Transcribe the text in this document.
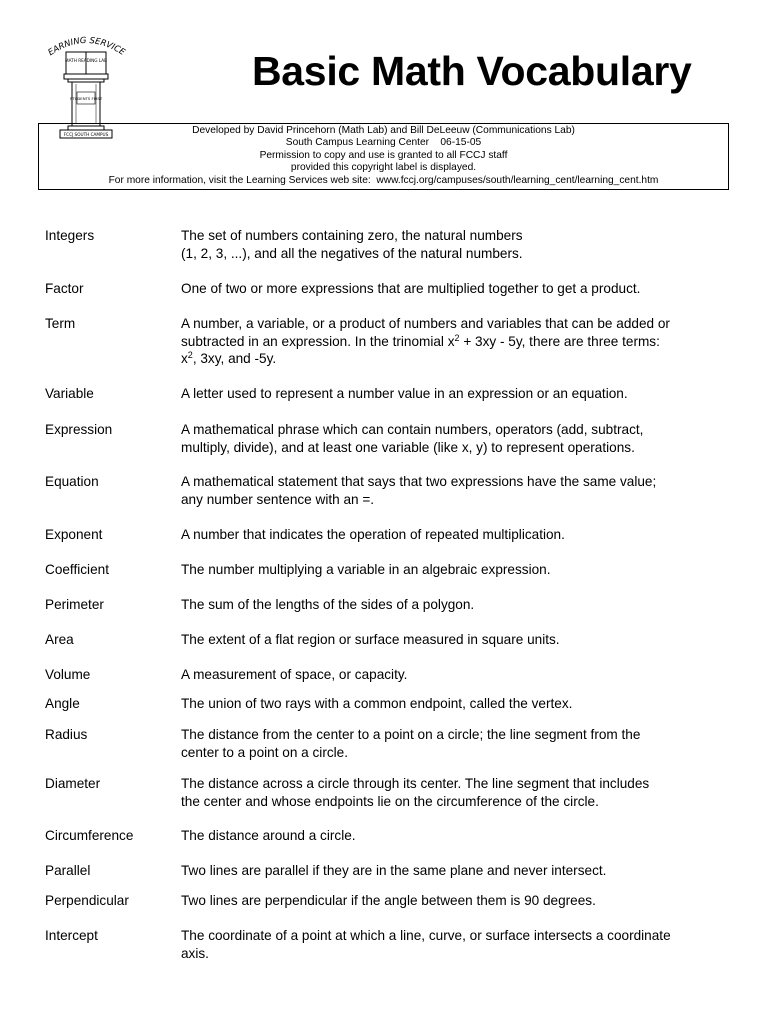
EARNING SERVICE
MATH READING LAB
STUDENTS FIRST
FCCJ SOUTH CAMPUS
Basic Math Vocabulary
Developed by David Princehorn (Math Lab) and Bill DeLeeuw (Communications Lab)
South Campus Learning Center    06-15-05
Permission to copy and use is granted to all FCCJ staff
provided this copyright label is displayed.
For more information, visit the Learning Services web site:  www.fccj.org/campuses/south/learning_cent/learning_cent.htm
Integers	The set of numbers containing zero, the natural numbers
(1, 2, 3, ...), and all the negatives of the natural numbers.
Factor	One of two or more expressions that are multiplied together to get a product.
Term	A number, a variable, or a product of numbers and variables that can be added or
subtracted in an expression. In the trinomial $x^2 + 3xy - 5y$, there are three terms:
$x^2$, 3xy, and -5y.
Variable	A letter used to represent a number value in an expression or an equation.
Expression	A mathematical phrase which can contain numbers, operators (add, subtract,
multiply, divide), and at least one variable (like x, y) to represent operations.
Equation	A mathematical statement that says that two expressions have the same value;
any number sentence with an =.
Exponent	A number that indicates the operation of repeated multiplication.
Coefficient	The number multiplying a variable in an algebraic expression.
Perimeter	The sum of the lengths of the sides of a polygon.
Area	The extent of a flat region or surface measured in square units.
Volume	A measurement of space, or capacity.
Angle	The union of two rays with a common endpoint, called the vertex.
Radius	The distance from the center to a point on a circle; the line segment from the
center to a point on a circle.
Diameter	The distance across a circle through its center. The line segment that includes
the center and whose endpoints lie on the circumference of the circle.
Circumference	The distance around a circle.
Parallel	Two lines are parallel if they are in the same plane and never intersect.
Perpendicular	Two lines are perpendicular if the angle between them is 90 degrees.
Intercept	The coordinate of a point at which a line, curve, or surface intersects a coordinate
axis.
